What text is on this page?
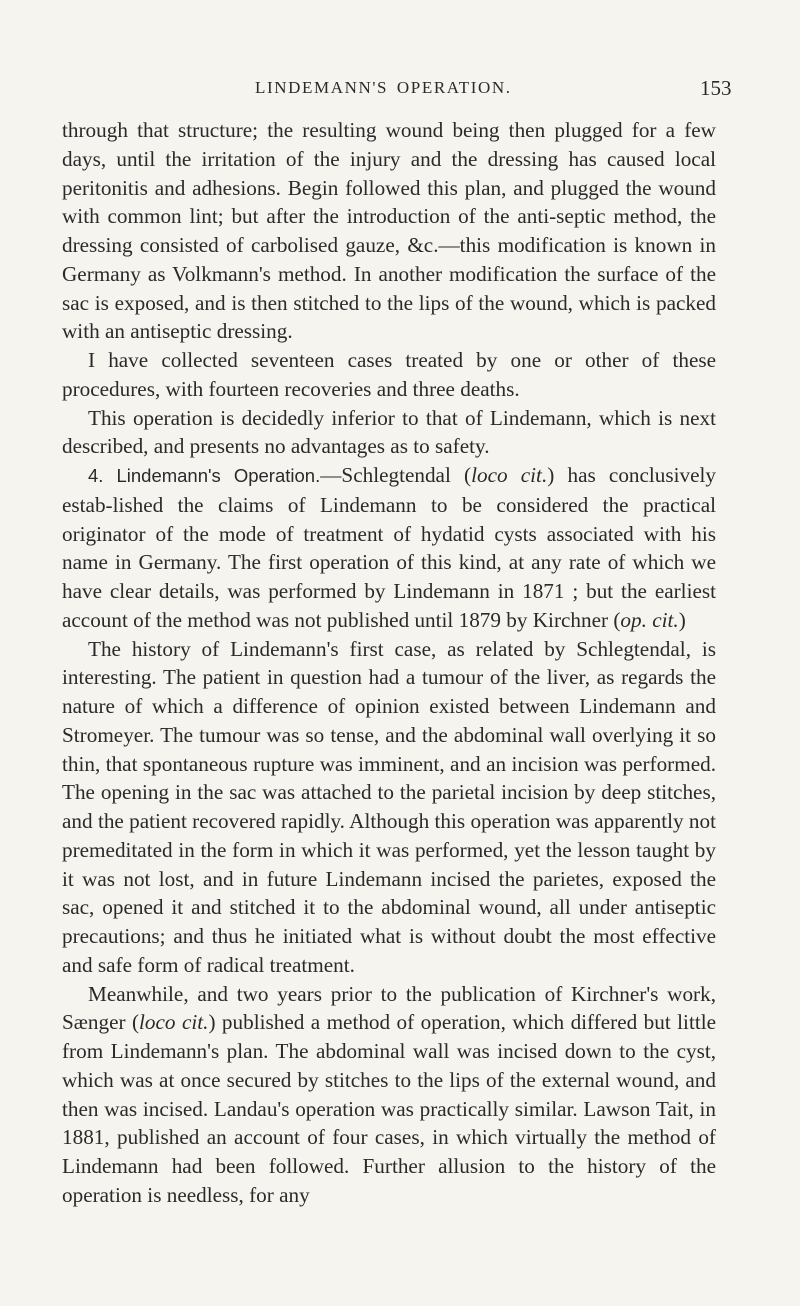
LINDEMANN'S OPERATION.	153

through that structure; the resulting wound being then plugged for a few days, until the irritation of the injury and the dressing has caused local peritonitis and adhesions. Begin followed this plan, and plugged the wound with common lint; but after the introduction of the anti-septic method, the dressing consisted of carbolised gauze, &c.—this modification is known in Germany as Volkmann's method. In another modification the surface of the sac is exposed, and is then stitched to the lips of the wound, which is packed with an antiseptic dressing.

I have collected seventeen cases treated by one or other of these procedures, with fourteen recoveries and three deaths.

This operation is decidedly inferior to that of Lindemann, which is next described, and presents no advantages as to safety.

4. Lindemann's Operation.—Schlegtendal (loco cit.) has conclusively estab-lished the claims of Lindemann to be considered the practical originator of the mode of treatment of hydatid cysts associated with his name in Germany. The first operation of this kind, at any rate of which we have clear details, was performed by Lindemann in 1871 ; but the earliest account of the method was not published until 1879 by Kirchner (op. cit.)

The history of Lindemann's first case, as related by Schlegtendal, is interesting. The patient in question had a tumour of the liver, as regards the nature of which a difference of opinion existed between Lindemann and Stromeyer. The tumour was so tense, and the abdominal wall overlying it so thin, that spontaneous rupture was imminent, and an incision was performed. The opening in the sac was attached to the parietal incision by deep stitches, and the patient recovered rapidly. Although this operation was apparently not premeditated in the form in which it was performed, yet the lesson taught by it was not lost, and in future Lindemann incised the parietes, exposed the sac, opened it and stitched it to the abdominal wound, all under antiseptic precautions; and thus he initiated what is without doubt the most effective and safe form of radical treatment.

Meanwhile, and two years prior to the publication of Kirchner's work, Sænger (loco cit.) published a method of operation, which differed but little from Lindemann's plan. The abdominal wall was incised down to the cyst, which was at once secured by stitches to the lips of the external wound, and then was incised. Landau's operation was practically similar. Lawson Tait, in 1881, published an account of four cases, in which virtually the method of Lindemann had been followed. Further allusion to the history of the operation is needless, for any
